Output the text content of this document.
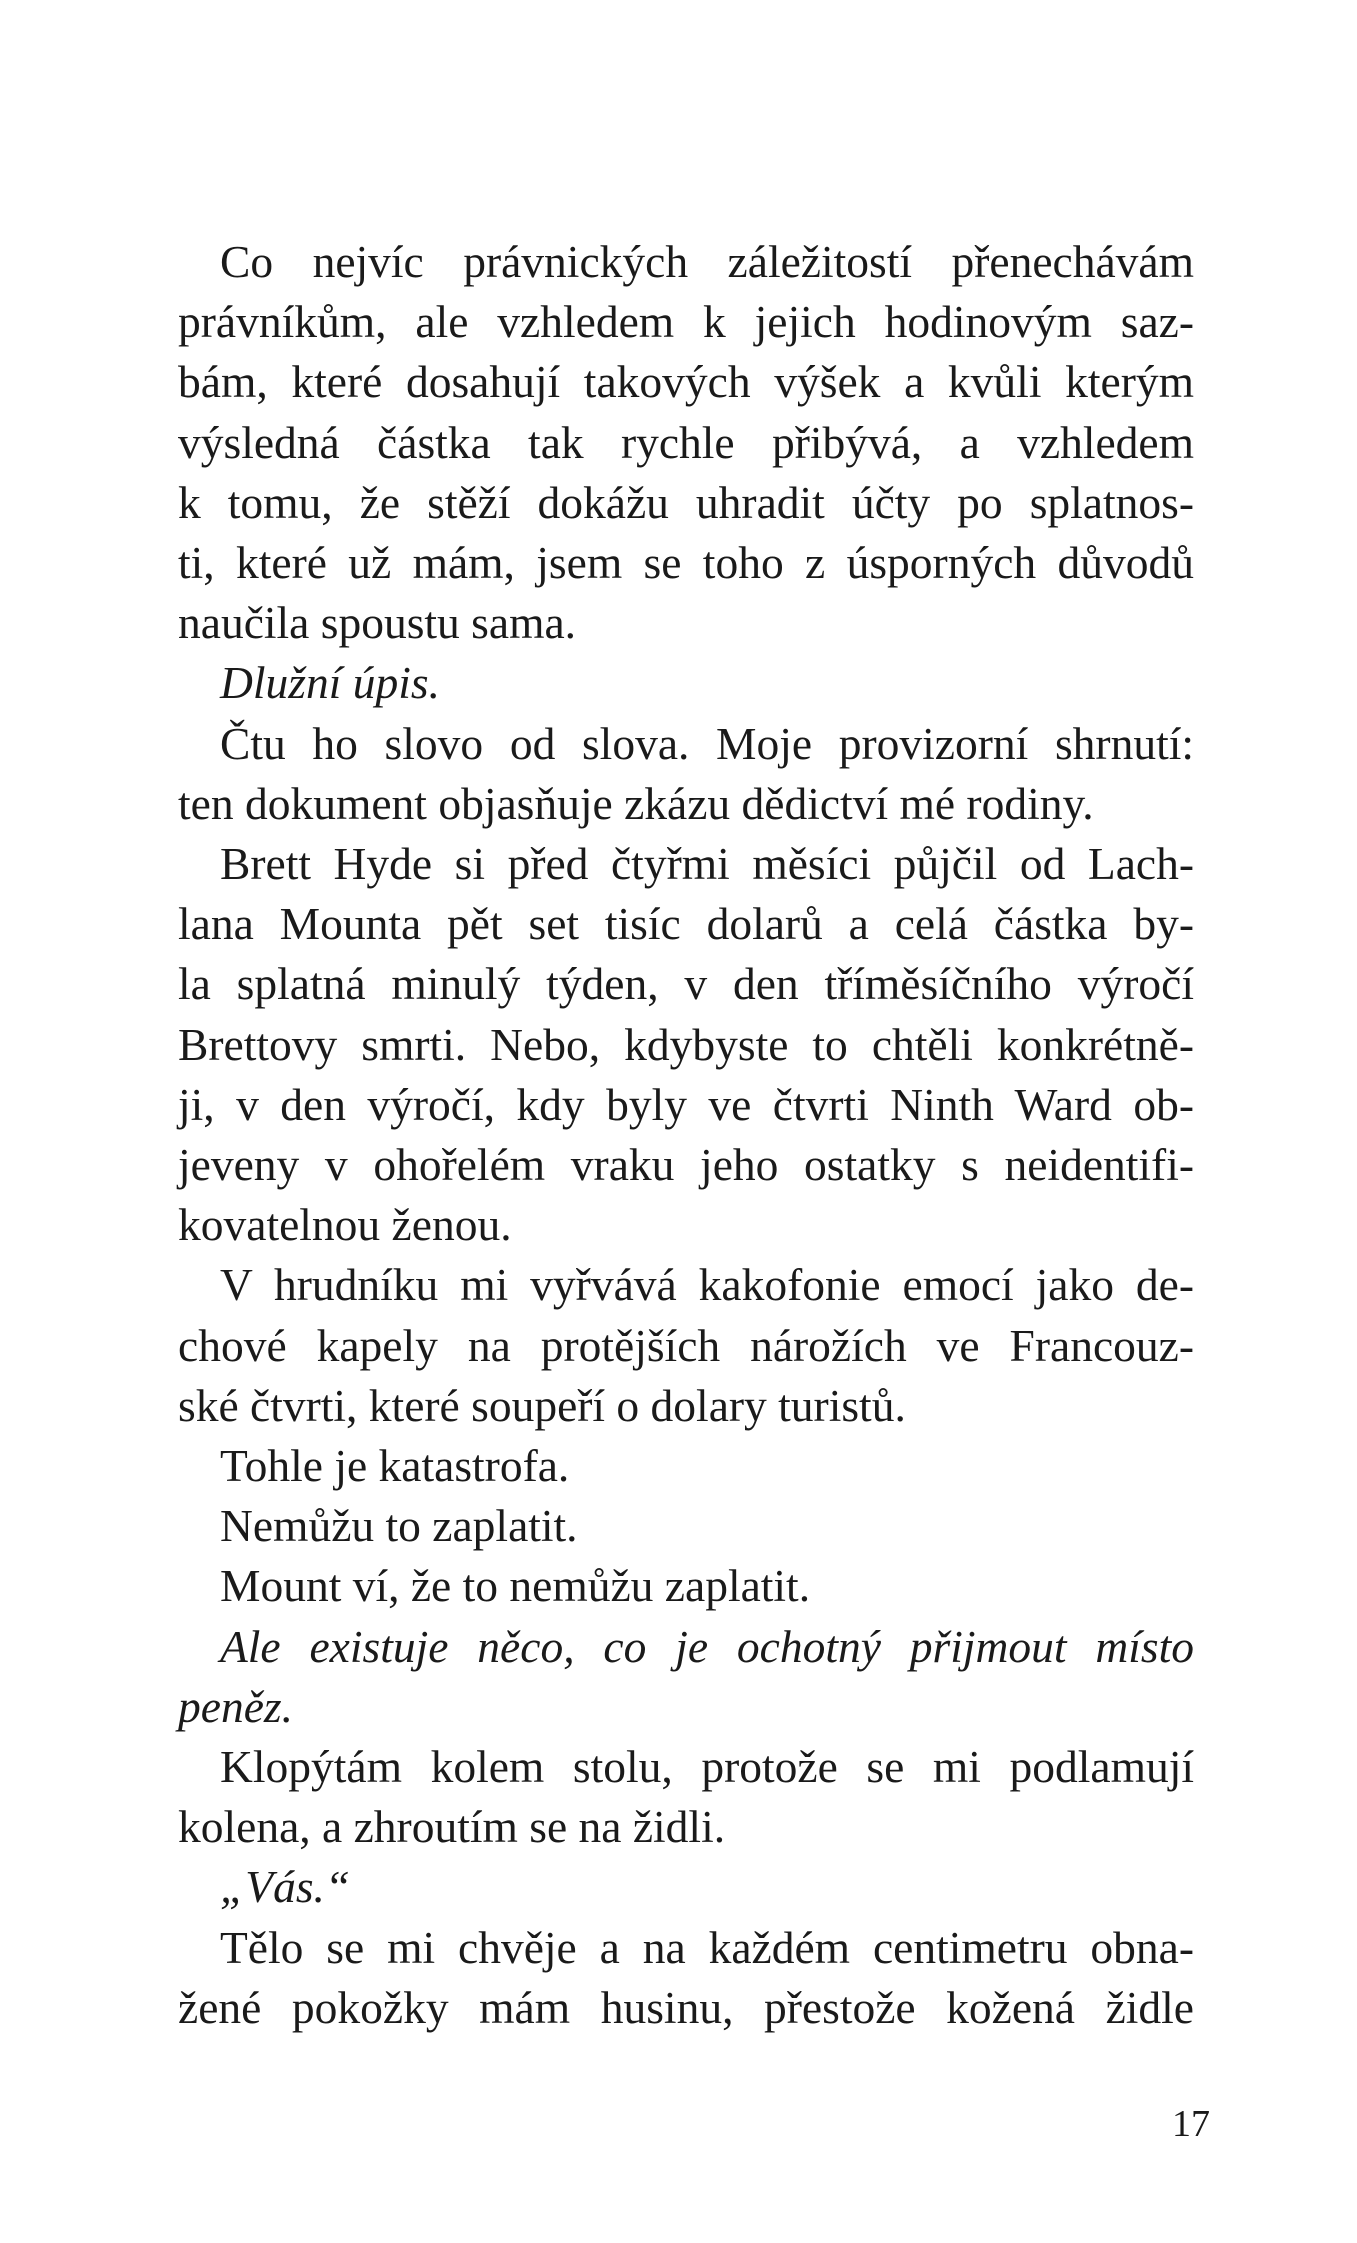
Co nejvíc právnických záležitostí přenechávám
právníkům, ale vzhledem k jejich hodinovým saz-
bám, které dosahují takových výšek a kvůli kterým
výsledná částka tak rychle přibývá, a vzhledem
k tomu, že stěží dokážu uhradit účty po splatnos-
ti, které už mám, jsem se toho z úsporných důvodů
naučila spoustu sama.
Dlužní úpis.
Čtu ho slovo od slova. Moje provizorní shrnutí:
ten dokument objasňuje zkázu dědictví mé rodiny.
Brett Hyde si před čtyřmi měsíci půjčil od Lach-
lana Mounta pět set tisíc dolarů a celá částka by-
la splatná minulý týden, v den tříměsíčního výročí
Brettovy smrti. Nebo, kdybyste to chtěli konkrétně-
ji, v den výročí, kdy byly ve čtvrti Ninth Ward ob-
jeveny v ohořelém vraku jeho ostatky s neidentifi-
kovatelnou ženou.
V hrudníku mi vyřvává kakofonie emocí jako de-
chové kapely na protějších nárožích ve Francouz-
ské čtvrti, které soupeří o dolary turistů.
Tohle je katastrofa.
Nemůžu to zaplatit.
Mount ví, že to nemůžu zaplatit.
Ale existuje něco, co je ochotný přijmout místo
peněz.
Klopýtám kolem stolu, protože se mi podlamují
kolena, a zhroutím se na židli.
„Vás.“
Tělo se mi chvěje a na každém centimetru obna-
žené pokožky mám husinu, přestože kožená židle
17
